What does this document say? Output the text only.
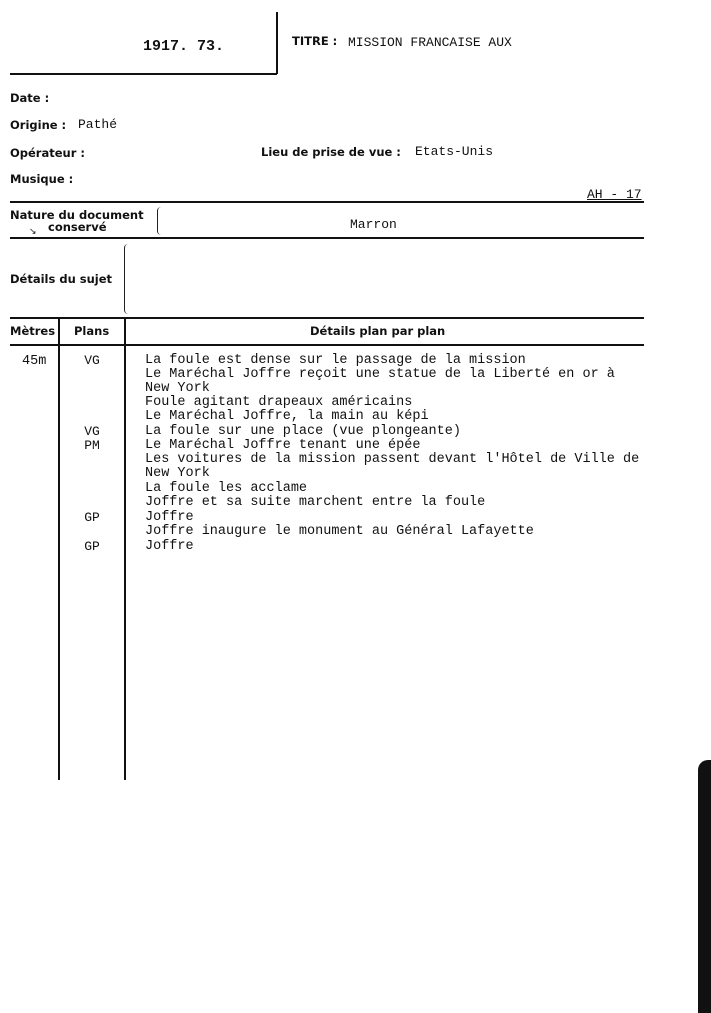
1917. 73.	TITRE : MISSION FRANCAISE AUX
Date :
Origine : Pathé
Opérateur :	Lieu de prise de vue : Etats-Unis
Musique :
AH - 17
Nature du document
↘ conservé	Marron
Détails du sujet
Mètres Plans	Détails plan par plan
45m	VG	La foule est dense sur le passage de la mission
Le Maréchal Joffre reçoit une statue de la Liberté en or à
New York
Foule agitant drapeaux américains
Le Maréchal Joffre, la main au képi
VG	La foule sur une place (vue plongeante)
PM	Le Maréchal Joffre tenant une épée
Les voitures de la mission passent devant l'Hôtel de Ville de
New York
La foule les acclame
Joffre et sa suite marchent entre la foule
GP	Joffre
Joffre inaugure le monument au Général Lafayette
GP	Joffre
